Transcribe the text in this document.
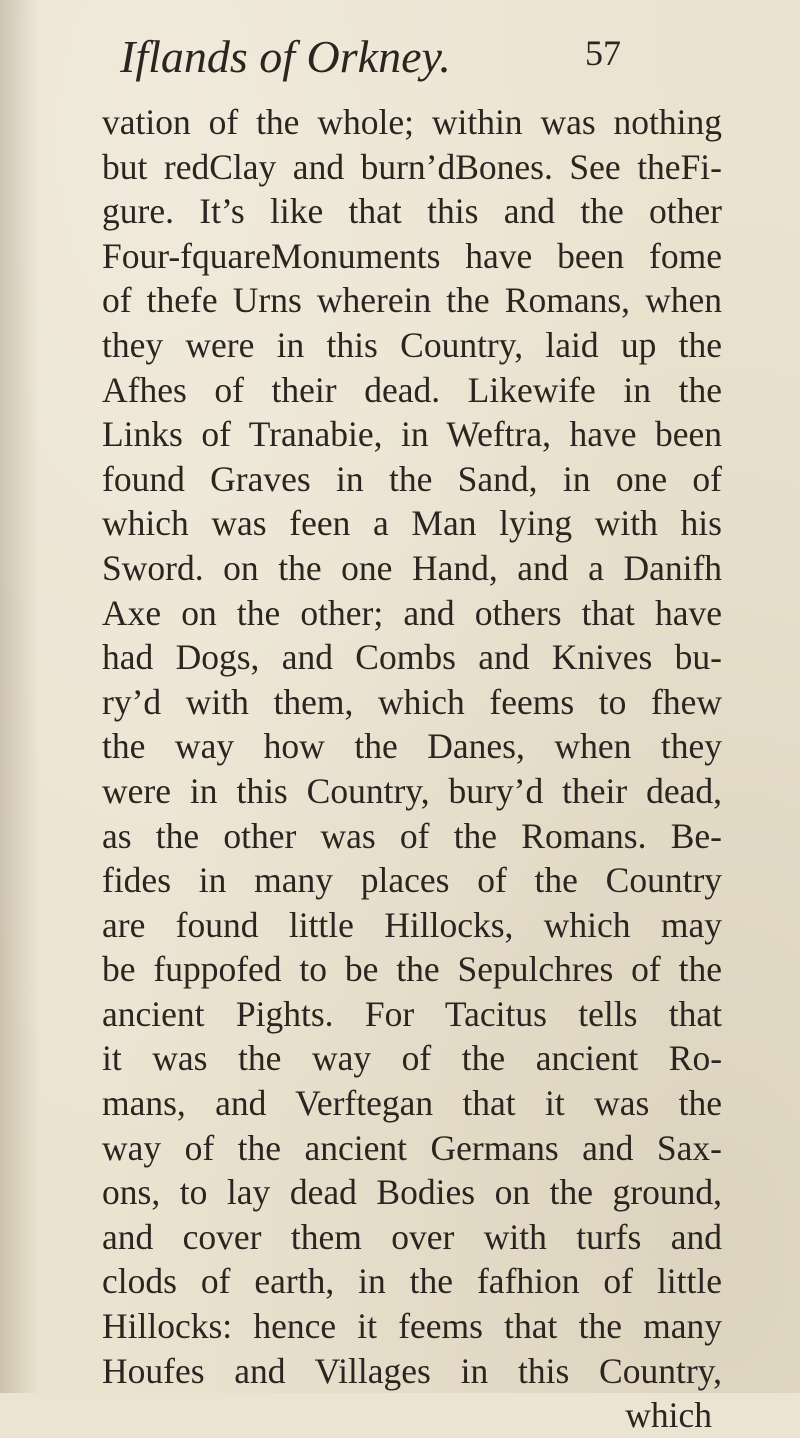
Iflands of Orkney.	57
vation of the whole; within was nothing
but redClay and burn’dBones. See theFi-
gure. It’s like that this and the other
Four-fquareMonuments have been fome
of thefe Urns wherein the Romans, when
they were in this Country, laid up the
Afhes of their dead. Likewife in the
Links of Tranabie, in Weftra, have been
found Graves in the Sand, in one of
which was feen a Man lying with his
Sword. on the one Hand, and a Danifh
Axe on the other; and others that have
had Dogs, and Combs and Knives bu-
ry’d with them, which feems to fhew
the way how the Danes, when they
were in this Country, bury’d their dead,
as the other was of the Romans. Be-
fides in many places of the Country
are found little Hillocks, which may
be fuppofed to be the Sepulchres of the
ancient Pights. For Tacitus tells that
it was the way of the ancient Ro-
mans, and Verftegan that it was the
way of the ancient Germans and Sax-
ons, to lay dead Bodies on the ground,
and cover them over with turfs and
clods of earth, in the fafhion of little
Hillocks: hence it feems that the many
Houfes and Villages in this Country,
which
